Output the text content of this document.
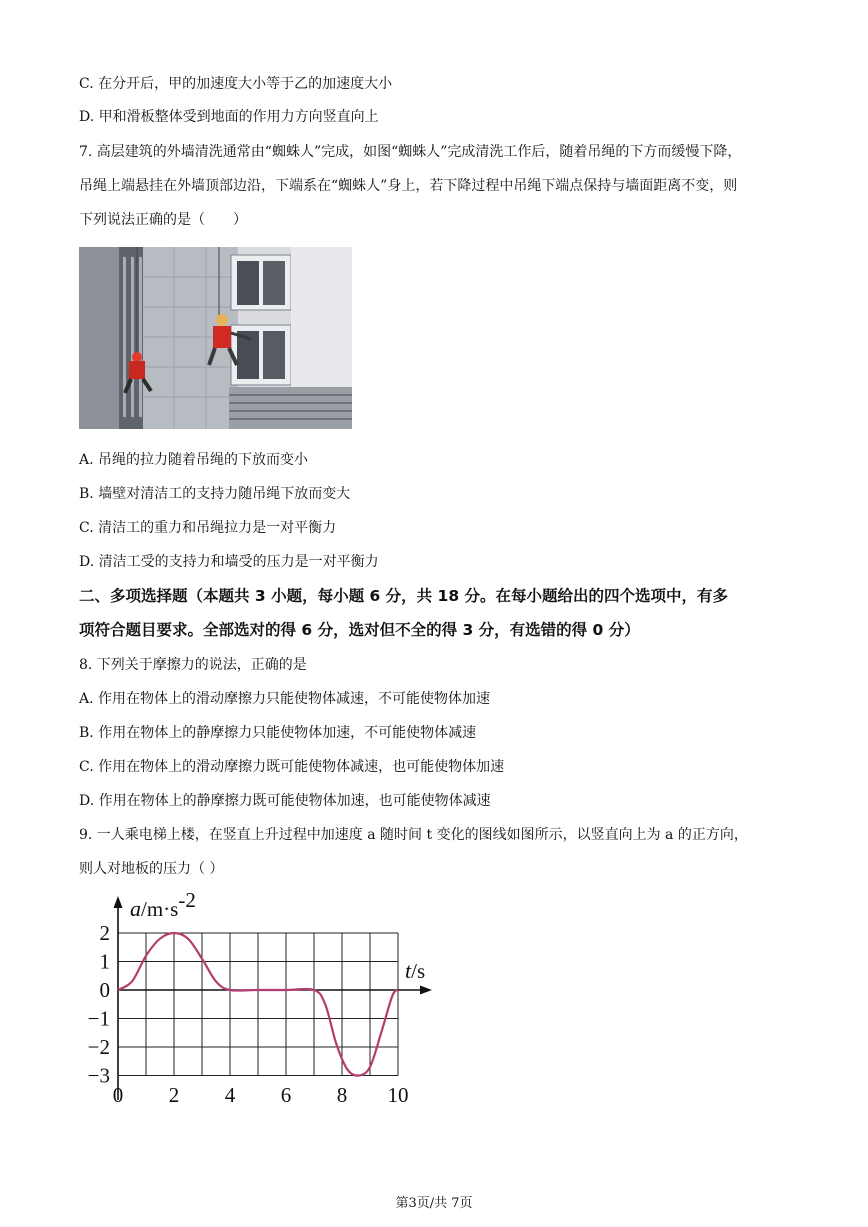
C. 在分开后，甲的加速度大小等于乙的加速度大小
D. 甲和滑板整体受到地面的作用力方向竖直向上
7. 高层建筑的外墙清洗通常由“蜘蛛人”完成，如图“蜘蛛人”完成清洗工作后，随着吊绳的下方而缓慢下降，
吊绳上端悬挂在外墙顶部边沿，下端系在“蜘蛛人”身上，若下降过程中吊绳下端点保持与墙面距离不变，则
下列说法正确的是（　　）
A. 吊绳的拉力随着吊绳的下放而变小
B. 墙壁对清洁工的支持力随吊绳下放而变大
C. 清洁工的重力和吊绳拉力是一对平衡力
D. 清洁工受的支持力和墙受的压力是一对平衡力
二、多项选择题（本题共 3 小题，每小题 6 分，共 18 分。在每小题给出的四个选项中，有多
项符合题目要求。全部选对的得 6 分，选对但不全的得 3 分，有选错的得 0 分）
8. 下列关于摩擦力的说法，正确的是
A. 作用在物体上的滑动摩擦力只能使物体减速，不可能使物体加速
B. 作用在物体上的静摩擦力只能使物体加速，不可能使物体减速
C. 作用在物体上的滑动摩擦力既可能使物体减速，也可能使物体加速
D. 作用在物体上的静摩擦力既可能使物体加速，也可能使物体减速
9. 一人乘电梯上楼，在竖直上升过程中加速度 a 随时间 t 变化的图线如图所示，以竖直向上为 a 的正方向，
则人对地板的压力（ ）
a/m·s-2
t/s
2
1
0
−1
−2
−3
0 2 4 6 8 10
第3页/共 7页
